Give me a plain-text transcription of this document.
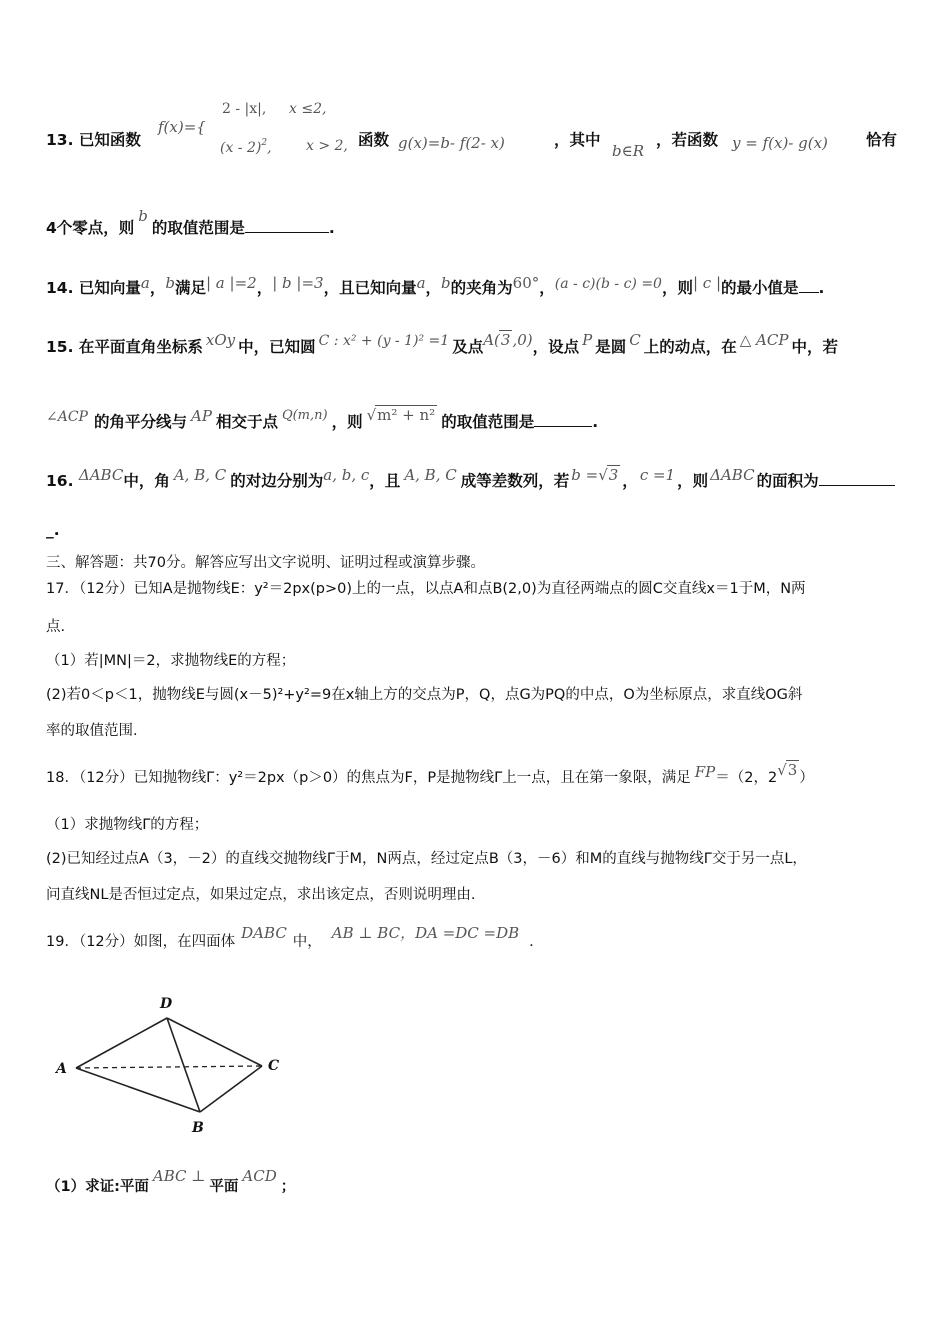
13. 已知函数
f(x)={
2 - |x|, x ≤2,
(x - 2)$^2$, x > 2, 函数 g(x)=b- f(2- x)	，其中
b∈R
，若函数 y = f(x)- g(x) 恰有
4个零点，则b的取值范围是	.
14. 已知向量a，b满足| a |=2，| b |=3，且已知向量a，b的夹角为60°，(a - c)(b - c) =0，则| c |的最小值是 .
15. 在平面直角坐标系 xOy 中，已知圆 C : x² + (y - 1)² =1 及点A(3 ,0)，设点 P 是圆 C 上的动点，在 △ ACP 中，若
∠ACP 的角平分线与 AP 相交于点 $^{Q(m,n)}$ ，则 √m² + n² 的取值范围是	.
16. ΔABC中，角 A, B, C 的对边分别为a, b, c，且 A, B, C 成等差数列，若 b =√3 ， c =1 ，则 ΔABC 的面积为
_.
三、解答题：共70分。解答应写出文字说明、证明过程或演算步骤。
17．（12分）已知A是抛物线E：y²＝2px(p>0)上的一点，以点A和点B(2,0)为直径两端点的圆C交直线x＝1于M，N两
点.
（1）若|MN|＝2，求抛物线E的方程；
(2)若0＜p＜1，抛物线E与圆(x－5)²+y²=9在x轴上方的交点为P，Q，点G为PQ的中点，O为坐标原点，求直线OG斜
率的取值范围.
18．（12分）已知抛物线Γ：y²＝2px（p＞0）的焦点为F，P是抛物线Γ上一点，且在第一象限，满足 FP＝（2，2√3 ）
（1）求抛物线Γ的方程；
(2)已知经过点A（3，－2）的直线交抛物线Γ于M，N两点，经过定点B（3，－6）和M的直线与抛物线Γ交于另一点L，
问直线NL是否恒过定点，如果过定点，求出该定点，否则说明理由.
19．（12分）如图，在四面体 DABC 中， AB ⊥ BC，DA =DC =DB .
D
A	C
B
（1）求证:平面ABC ⊥平面ACD；
